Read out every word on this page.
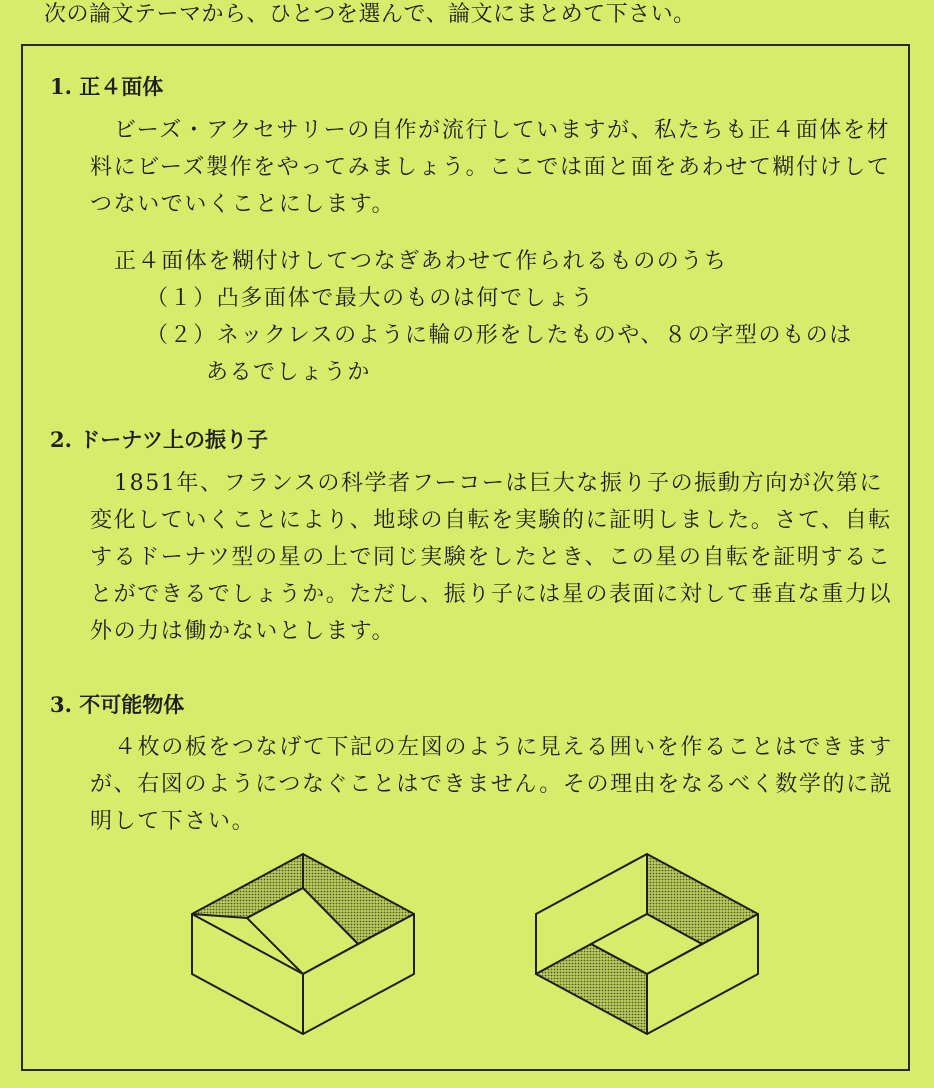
次の論文テーマから、ひとつを選んで、論文にまとめて下さい。
1. 正４面体

ビーズ・アクセサリーの自作が流行していますが、私たちも正４面体を材料にビーズ製作をやってみましょう。ここでは面と面をあわせて糊付けしてつないでいくことにします。

正４面体を糊付けしてつなぎあわせて作られるもののうち
（１）凸多面体で最大のものは何でしょう
（２）ネックレスのように輪の形をしたものや、８の字型のものは
あるでしょうか
2. ドーナツ上の振り子

1851年、フランスの科学者フーコーは巨大な振り子の振動方向が次第に変化していくことにより、地球の自転を実験的に証明しました。さて、自転するドーナツ型の星の上で同じ実験をしたとき、この星の自転を証明することができるでしょうか。ただし、振り子には星の表面に対して垂直な重力以外の力は働かないとします。

3. 不可能物体

４枚の板をつなげて下記の左図のように見える囲いを作ることはできますが、右図のようにつなぐことはできません。その理由をなるべく数学的に説明して下さい。
